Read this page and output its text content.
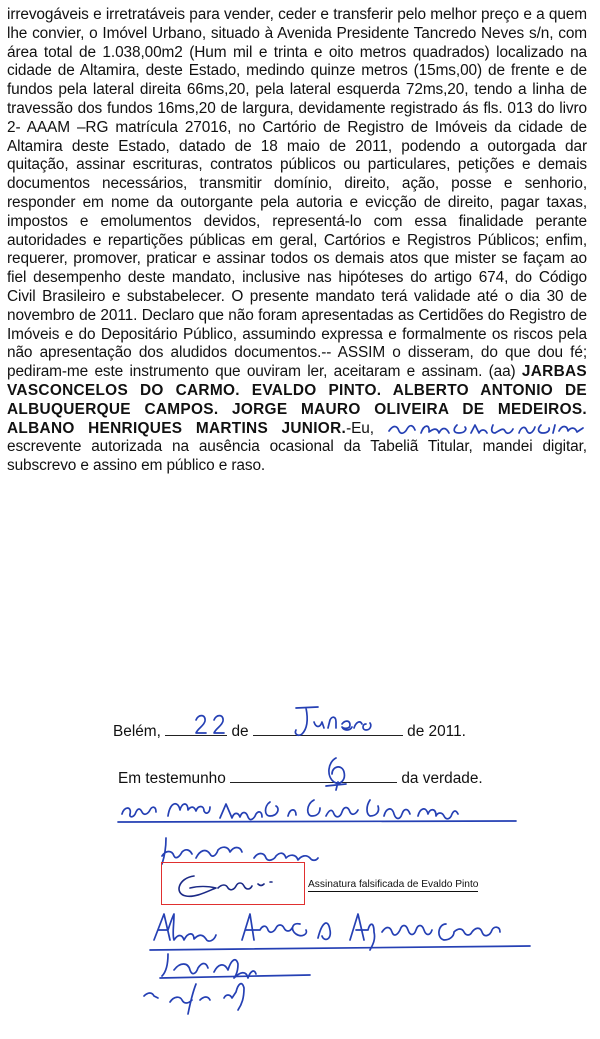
irrevogáveis e irretratáveis para vender, ceder e transferir pelo melhor preço e a quem lhe convier, o Imóvel Urbano, situado à Avenida Presidente Tancredo Neves s/n, com área total de 1.038,00m2 (Hum mil e trinta e oito metros quadrados) localizado na cidade de Altamira, deste Estado, medindo quinze metros (15ms,00) de frente e de fundos pela lateral direita 66ms,20, pela lateral esquerda 72ms,20, tendo a linha de travessão dos fundos 16ms,20 de largura, devidamente registrado ás fls. 013 do livro 2- AAAM –RG matrícula 27016, no Cartório de Registro de Imóveis da cidade de Altamira deste Estado, datado de 18 maio de 2011, podendo a outorgada dar quitação, assinar escrituras, contratos públicos ou particulares, petições e demais documentos necessários, transmitir domínio, direito, ação, posse e senhorio, responder em nome da outorgante pela autoria e evicção de direito, pagar taxas, impostos e emolumentos devidos, representá-lo com essa finalidade perante autoridades e repartições públicas em geral, Cartórios e Registros Públicos; enfim, requerer, promover, praticar e assinar todos os demais atos que mister se façam ao fiel desempenho deste mandato, inclusive nas hipóteses do artigo 674, do Código Civil Brasileiro e substabelecer. O presente mandato terá validade até o dia 30 de novembro de 2011. Declaro que não foram apresentadas as Certidões do Registro de Imóveis e do Depositário Público, assumindo expressa e formalmente os riscos pela não apresentação dos aludidos documentos.-- ASSIM o disseram, do que dou fé; pediram-me este instrumento que ouviram ler, aceitaram e assinam. (aa) JARBAS VASCONCELOS DO CARMO. EVALDO PINTO. ALBERTO ANTONIO DE ALBUQUERQUE CAMPOS. JORGE MAURO OLIVEIRA DE MEDEIROS. ALBANO HENRIQUES MARTINS JUNIOR.-Eu,
escrevente autorizada na ausência ocasional da Tabeliã Titular, mandei digitar, subscrevo e assino em público e raso.
Belém,	de	de 2011.
Em testemunho	da verdade.
Assinatura falsificada de Evaldo Pinto
